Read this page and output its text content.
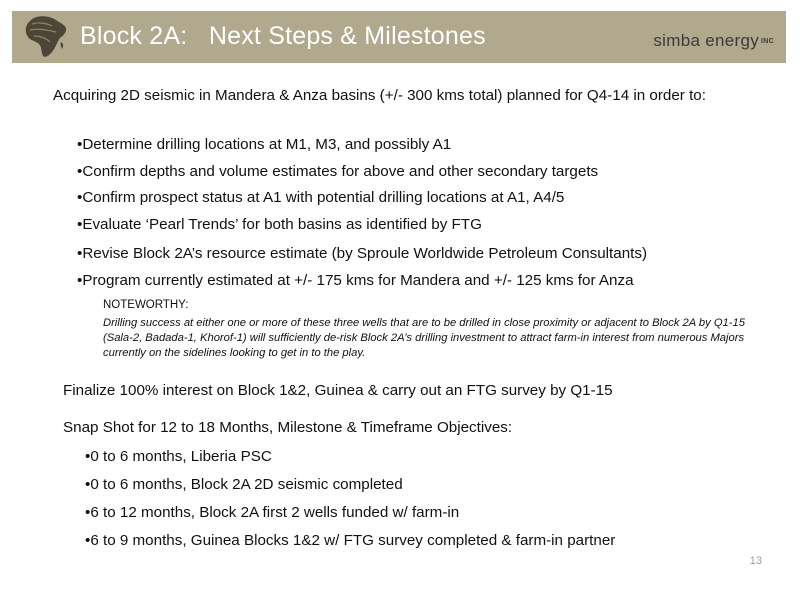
Block 2A:   Next Steps & Milestones	simba energy INC
Acquiring 2D seismic in Mandera & Anza basins (+/- 300 kms total) planned for Q4-14 in order to:
•Determine drilling locations at M1, M3, and possibly A1
•Confirm depths and volume estimates for above and other secondary targets
•Confirm prospect status at A1 with potential drilling locations at A1, A4/5
•Evaluate ‘Pearl Trends’ for both basins as identified by FTG
•Revise Block 2A’s resource estimate (by Sproule Worldwide Petroleum Consultants)
•Program currently estimated at +/- 175 kms for Mandera and +/- 125 kms for Anza
NOTEWORTHY:
Drilling success at either one or more of these three wells that are to be drilled in close proximity or adjacent to Block 2A by Q1-15 (Sala-2, Badada-1, Khorof-1) will sufficiently de-risk Block 2A’s drilling investment to attract farm-in interest from numerous Majors currently on the sidelines looking to get in to the play.
Finalize 100% interest on Block 1&2, Guinea & carry out an FTG survey by Q1-15
Snap Shot for 12 to 18 Months, Milestone & Timeframe Objectives:
•0 to 6 months, Liberia PSC
•0 to 6 months, Block 2A 2D seismic completed
•6 to 12 months, Block 2A first 2 wells funded w/ farm-in
•6 to 9 months, Guinea Blocks 1&2 w/ FTG survey completed & farm-in partner
13
